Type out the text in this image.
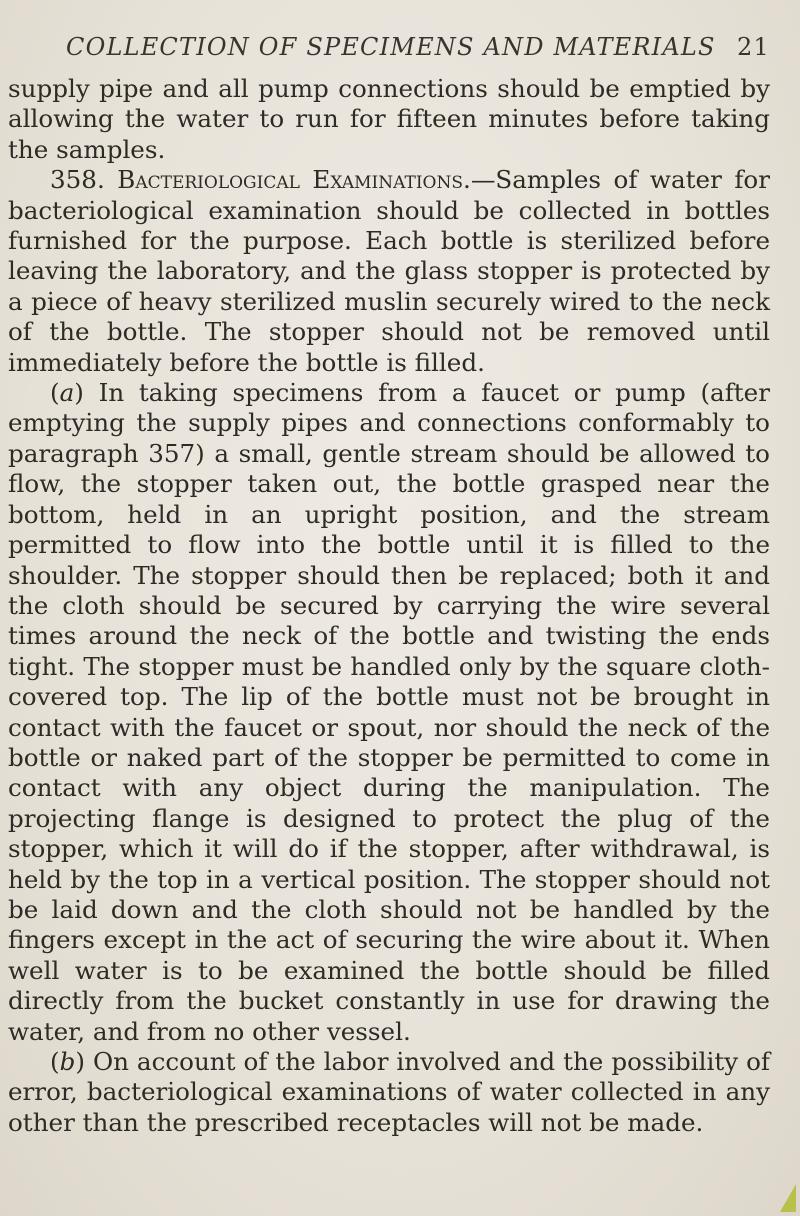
COLLECTION OF SPECIMENS AND MATERIALS 21

supply pipe and all pump connections should be emptied by allowing the water to run for fifteen minutes before taking the samples.

358. Bacteriological Examinations.—Samples of water for bacteriological examination should be collected in bottles furnished for the purpose. Each bottle is sterilized before leaving the laboratory, and the glass stopper is protected by a piece of heavy sterilized muslin securely wired to the neck of the bottle. The stopper should not be removed until immediately before the bottle is filled.

(a) In taking specimens from a faucet or pump (after emptying the supply pipes and connections conformably to paragraph 357) a small, gentle stream should be allowed to flow, the stopper taken out, the bottle grasped near the bottom, held in an upright position, and the stream permitted to flow into the bottle until it is filled to the shoulder. The stopper should then be replaced; both it and the cloth should be secured by carrying the wire several times around the neck of the bottle and twisting the ends tight. The stopper must be handled only by the square cloth-covered top. The lip of the bottle must not be brought in contact with the faucet or spout, nor should the neck of the bottle or naked part of the stopper be permitted to come in contact with any object during the manipulation. The projecting flange is designed to protect the plug of the stopper, which it will do if the stopper, after withdrawal, is held by the top in a vertical position. The stopper should not be laid down and the cloth should not be handled by the fingers except in the act of securing the wire about it. When well water is to be examined the bottle should be filled directly from the bucket constantly in use for drawing the water, and from no other vessel.

(b) On account of the labor involved and the possibility of error, bacteriological examinations of water collected in any other than the prescribed receptacles will not be made.
